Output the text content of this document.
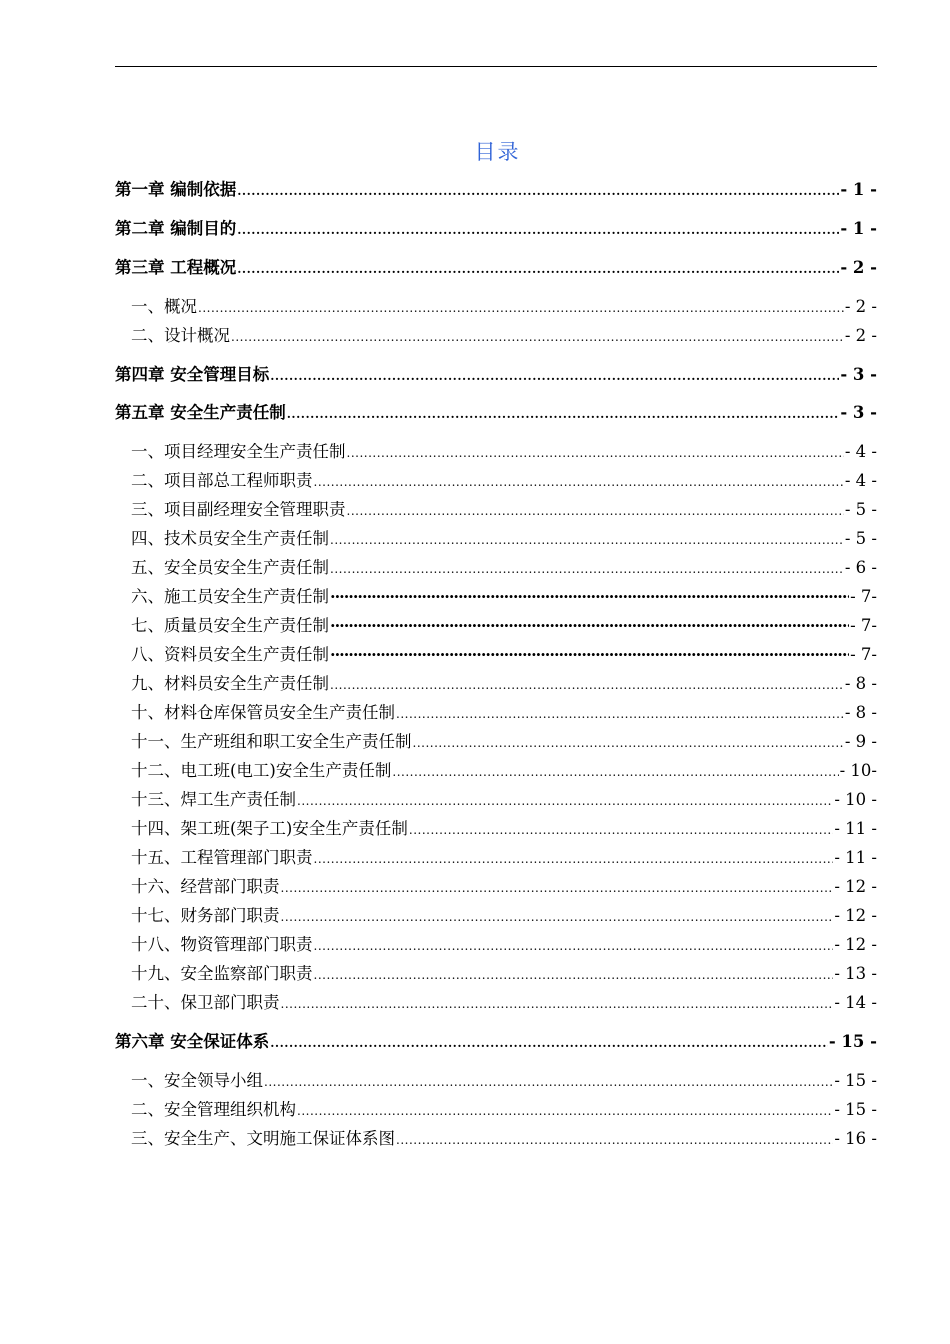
目录
第一章 编制依据 .....	- 1 -
第二章 编制目的 .....	- 1 -
第三章 工程概况 .....	- 2 -
一、概况 .....	- 2 -
二、设计概况 .....	- 2 -
第四章 安全管理目标 .....	- 3 -
第五章 安全生产责任制 .....	- 3 -
一、项目经理安全生产责任制 .....	- 4 -
二、项目部总工程师职责 .....	- 4 -
三、项目副经理安全管理职责 .....	- 5 -
四、技术员安全生产责任制 .....	- 5 -
五、安全员安全生产责任制 .....	- 6 -
六、施工员安全生产责任制 ·····	- 7-
七、质量员安全生产责任制 ·····	- 7-
八、资料员安全生产责任制 ·····	- 7-
九、材料员安全生产责任制 .....	- 8 -
十、材料仓库保管员安全生产责任制 .....	- 8 -
十一、生产班组和职工安全生产责任制 .....	- 9 -
十二、电工班(电工)安全生产责任制 .....	- 10-
十三、焊工生产责任制 .....	- 10 -
十四、架工班(架子工)安全生产责任制 .....	- 11 -
十五、工程管理部门职责 .....	- 11 -
十六、经营部门职责 .....	- 12 -
十七、财务部门职责 .....	- 12 -
十八、物资管理部门职责 .....	- 12 -
十九、安全监察部门职责 .....	- 13 -
二十、保卫部门职责 .....	- 14 -
第六章 安全保证体系 .....	- 15 -
一、安全领导小组 .....	- 15 -
二、安全管理组织机构 .....	- 15 -
三、安全生产、文明施工保证体系图 .....	- 16 -
